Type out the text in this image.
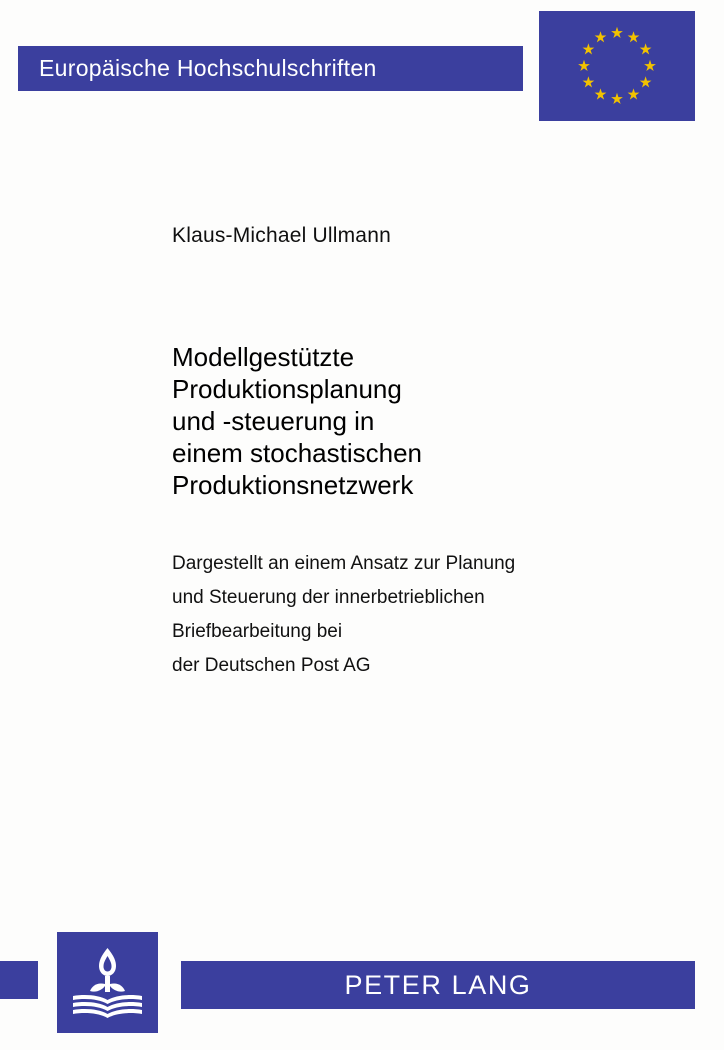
Europäische Hochschulschriften
Klaus-Michael Ullmann
Modellgestützte
Produktionsplanung
und -steuerung in
einem stochastischen
Produktionsnetzwerk
Dargestellt an einem Ansatz zur Planung
und Steuerung der innerbetrieblichen
Briefbearbeitung bei
der Deutschen Post AG
PETER LANG
